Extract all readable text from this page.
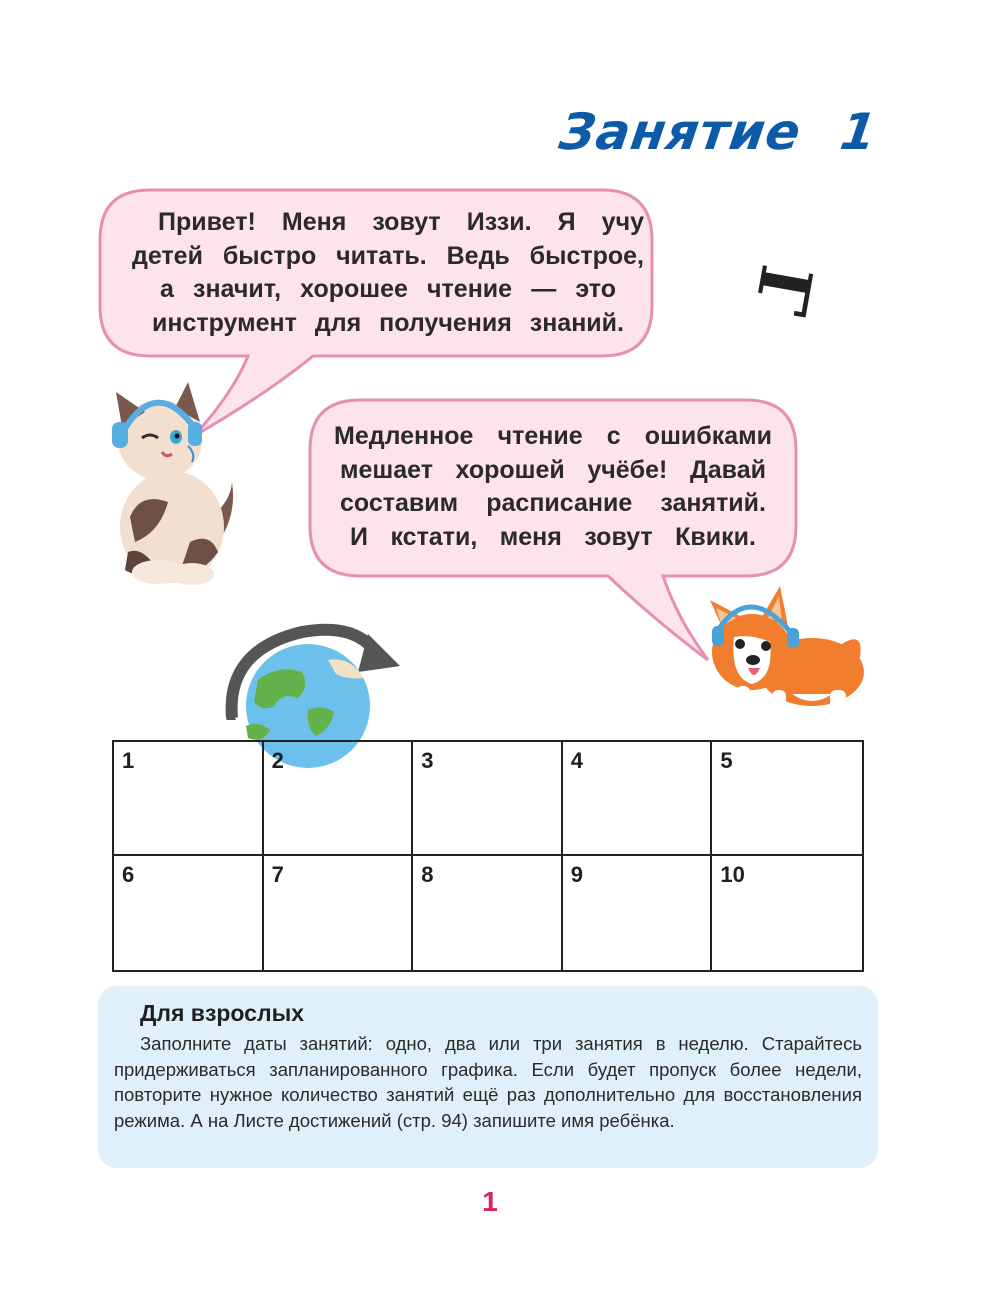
Занятие 1
Г
Привет! Меня зовут Иззи. Я учу
детей быстро читать. Ведь быстрое,
а значит, хорошее чтение — это
инструмент для получения знаний.
Медленное чтение с ошибками
мешает хорошей учёбе! Давай
составим расписание занятий.
И кстати, меня зовут Квики.
1	2	3	4	5
6	7	8	9	10
Для взрослых
Заполните даты занятий: одно, два или три занятия в неделю. Старайтесь придерживаться запланированного графика. Если будет пропуск более недели, повторите нужное количество занятий ещё раз дополнительно для восстановления режима. А на Листе достижений (стр. 94) запишите имя ребёнка.
1
